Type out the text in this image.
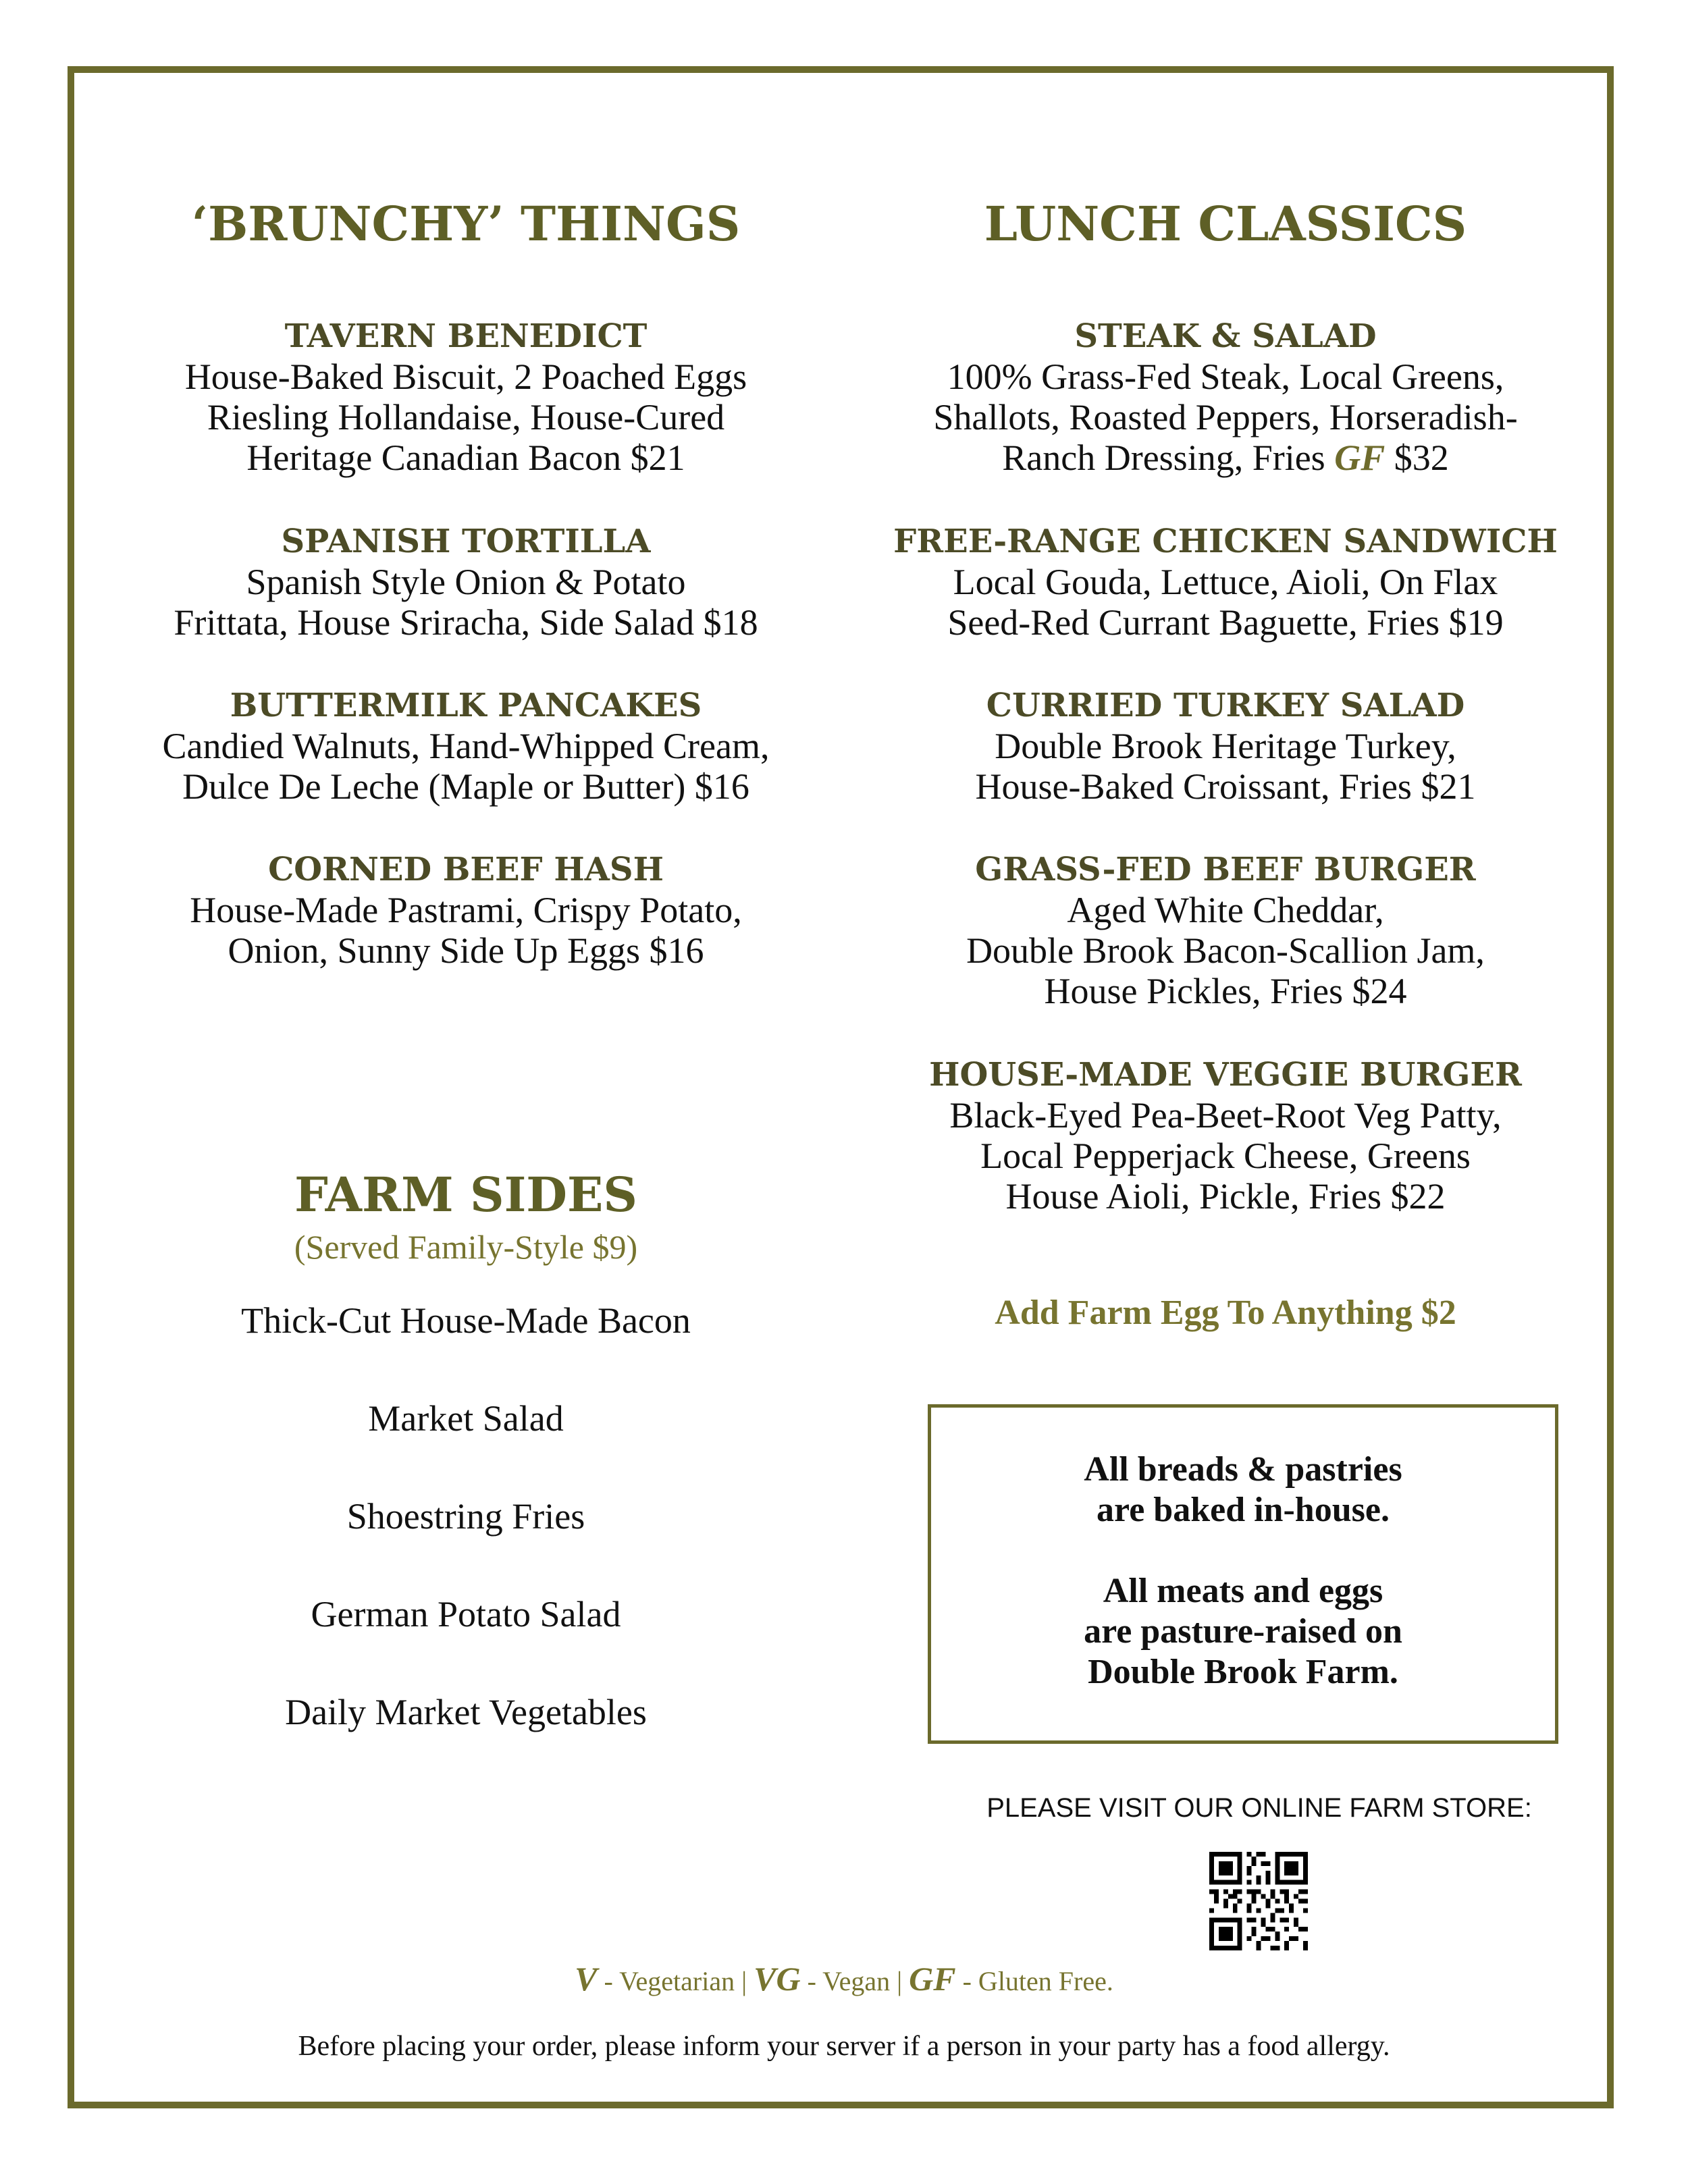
‘BRUNCHY’ THINGS
TAVERN BENEDICT
House-Baked Biscuit, 2 Poached Eggs
Riesling Hollandaise, House-Cured
Heritage Canadian Bacon $21
SPANISH TORTILLA
Spanish Style Onion & Potato
Frittata, House Sriracha, Side Salad $18
BUTTERMILK PANCAKES
Candied Walnuts, Hand-Whipped Cream,
Dulce De Leche (Maple or Butter) $16
CORNED BEEF HASH
House-Made Pastrami, Crispy Potato,
Onion, Sunny Side Up Eggs $16
FARM SIDES
(Served Family-Style $9)
Thick-Cut House-Made Bacon
Market Salad
Shoestring Fries
German Potato Salad
Daily Market Vegetables
LUNCH CLASSICS
STEAK & SALAD
100% Grass-Fed Steak, Local Greens,
Shallots, Roasted Peppers, Horseradish-
Ranch Dressing, Fries GF $32
FREE-RANGE CHICKEN SANDWICH
Local Gouda, Lettuce, Aioli, On Flax
Seed-Red Currant Baguette, Fries $19
CURRIED TURKEY SALAD
Double Brook Heritage Turkey,
House-Baked Croissant, Fries $21
GRASS-FED BEEF BURGER
Aged White Cheddar,
Double Brook Bacon-Scallion Jam,
House Pickles, Fries $24
HOUSE-MADE VEGGIE BURGER
Black-Eyed Pea-Beet-Root Veg Patty,
Local Pepperjack Cheese, Greens
House Aioli, Pickle, Fries $22
Add Farm Egg To Anything $2
All breads & pastries
are baked in-house.
All meats and eggs
are pasture-raised on
Double Brook Farm.
PLEASE VISIT OUR ONLINE FARM STORE:
V - Vegetarian | VG - Vegan | GF - Gluten Free.
Before placing your order, please inform your server if a person in your party has a food allergy.
